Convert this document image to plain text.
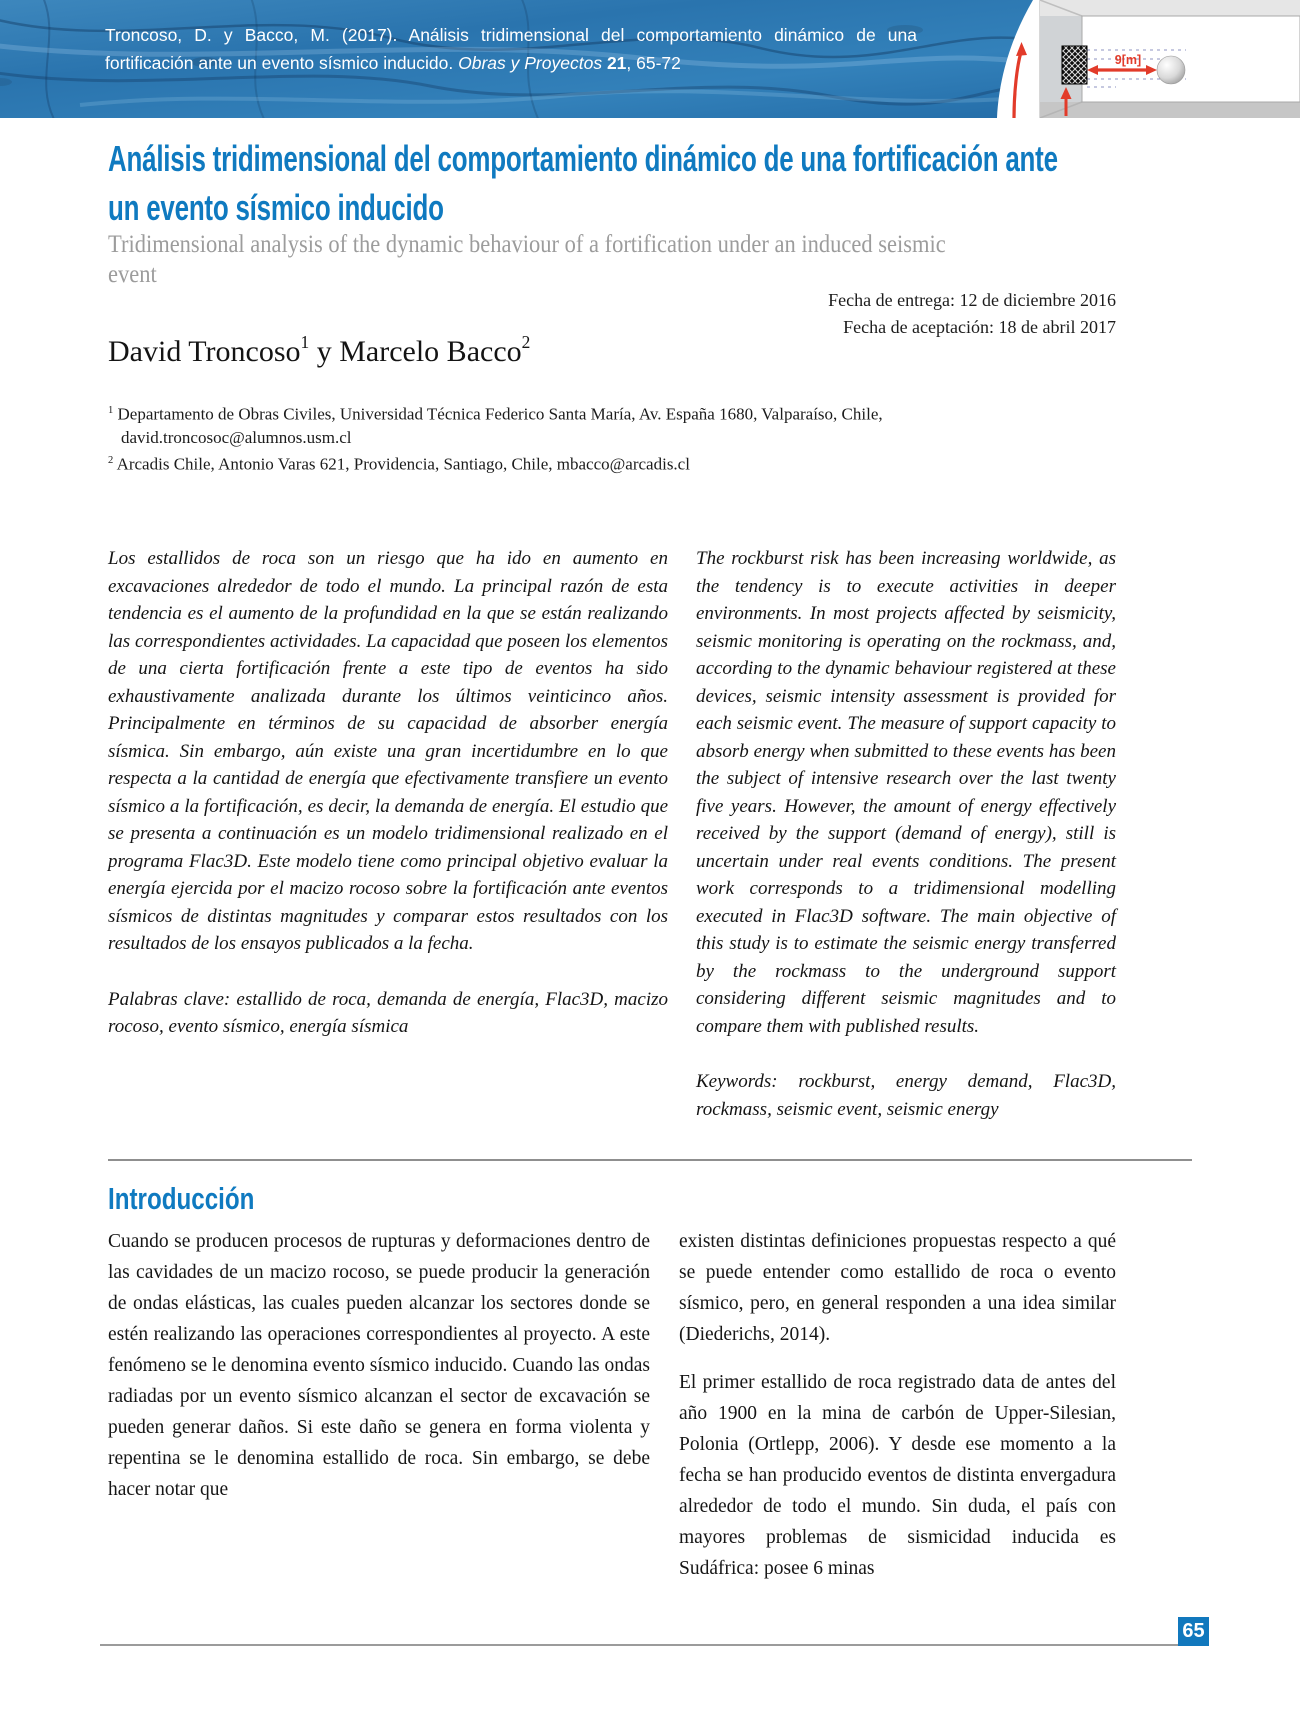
Troncoso, D. y Bacco, M. (2017). Análisis tridimensional del comportamiento dinámico de una
fortificación ante un evento sísmico inducido. Obras y Proyectos 21, 65-72	9[m]
Análisis tridimensional del comportamiento dinámico de una fortificación ante
un evento sísmico inducido
Tridimensional analysis of the dynamic behaviour of a fortification under an induced seismic
event
Fecha de entrega: 12 de diciembre 2016
Fecha de aceptación: 18 de abril 2017
David Troncoso$^1$ y Marcelo Bacco$^2$

$^1$ Departamento de Obras Civiles, Universidad Técnica Federico Santa María, Av. España 1680, Valparaíso, Chile,
david.troncosoc@alumnos.usm.cl

$^2$ Arcadis Chile, Antonio Varas 621, Providencia, Santiago, Chile, mbacco@arcadis.cl

Los estallidos de roca son un riesgo que ha ido en aumento en excavaciones alrededor de todo el mundo. La principal razón de esta tendencia es el aumento de la profundidad en la que se están realizando las correspondientes actividades. La capacidad que poseen los elementos de una cierta fortificación frente a este tipo de eventos ha sido exhaustivamente analizada durante los últimos veinticinco años. Principalmente en términos de su capacidad de absorber energía sísmica. Sin embargo, aún existe una gran incertidumbre en lo que respecta a la cantidad de energía que efectivamente transfiere un evento sísmico a la fortificación, es decir, la demanda de energía. El estudio que se presenta a continuación es un modelo tridimensional realizado en el programa Flac3D. Este modelo tiene como principal objetivo evaluar la energía ejercida por el macizo rocoso sobre la fortificación ante eventos sísmicos de distintas magnitudes y comparar estos resultados con los resultados de los ensayos publicados a la fecha.

Palabras clave: estallido de roca, demanda de energía, Flac3D, macizo rocoso, evento sísmico, energía sísmica

The rockburst risk has been increasing worldwide, as the tendency is to execute activities in deeper environments. In most projects affected by seismicity, seismic monitoring is operating on the rockmass, and, according to the dynamic behaviour registered at these devices, seismic intensity assessment is provided for each seismic event. The measure of support capacity to absorb energy when submitted to these events has been the subject of intensive research over the last twenty five years. However, the amount of energy effectively received by the support (demand of energy), still is uncertain under real events conditions. The present work corresponds to a tridimensional modelling executed in Flac3D software. The main objective of this study is to estimate the seismic energy transferred by the rockmass to the underground support considering different seismic magnitudes and to compare them with published results.

Keywords: rockburst, energy demand, Flac3D, rockmass, seismic event, seismic energy

Introducción

Cuando se producen procesos de rupturas y deformaciones dentro de las cavidades de un macizo rocoso, se puede producir la generación de ondas elásticas, las cuales pueden alcanzar los sectores donde se estén realizando las operaciones correspondientes al proyecto. A este fenómeno se le denomina evento sísmico inducido. Cuando las ondas radiadas por un evento sísmico alcanzan el sector de excavación se pueden generar daños. Si este daño se genera en forma violenta y repentina se le denomina estallido de roca. Sin embargo, se debe hacer notar que

existen distintas definiciones propuestas respecto a qué se puede entender como estallido de roca o evento sísmico, pero, en general responden a una idea similar (Diederichs, 2014).

El primer estallido de roca registrado data de antes del año 1900 en la mina de carbón de Upper-Silesian, Polonia (Ortlepp, 2006). Y desde ese momento a la fecha se han producido eventos de distinta envergadura alrededor de todo el mundo. Sin duda, el país con mayores problemas de sismicidad inducida es Sudáfrica: posee 6 minas

65
